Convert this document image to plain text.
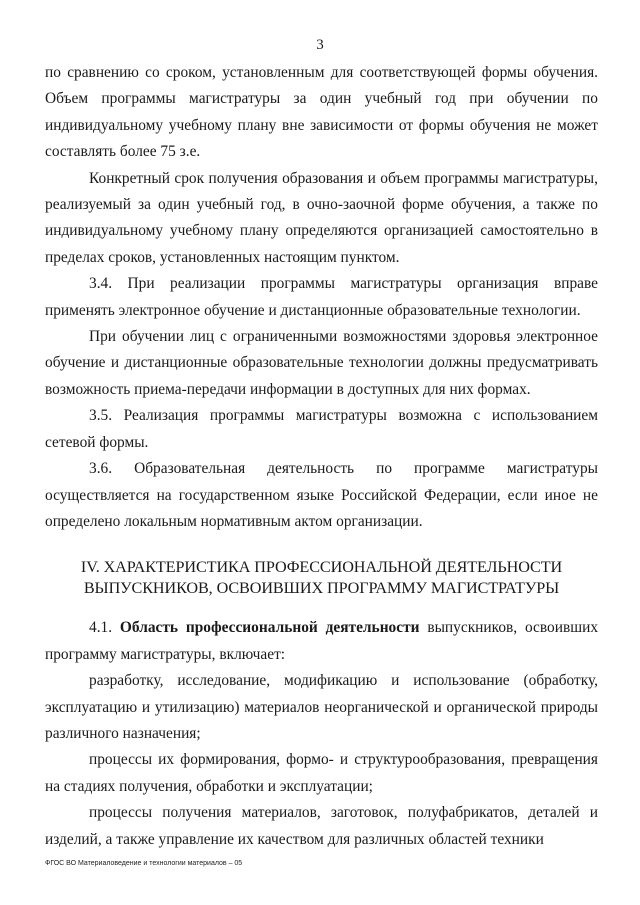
3

по сравнению со сроком, установленным для соответствующей формы обучения. Объем программы магистратуры за один учебный год при обучении по индивидуальному учебному плану вне зависимости от формы обучения не может составлять более 75 з.е.

Конкретный срок получения образования и объем программы магистратуры, реализуемый за один учебный год, в очно-заочной форме обучения, а также по индивидуальному учебному плану определяются организацией самостоятельно в пределах сроков, установленных настоящим пунктом.

3.4. При реализации программы магистратуры организация вправе применять электронное обучение и дистанционные образовательные технологии.

При обучении лиц с ограниченными возможностями здоровья электронное обучение и дистанционные образовательные технологии должны предусматривать возможность приема-передачи информации в доступных для них формах.

3.5. Реализация программы магистратуры возможна с использованием сетевой формы.

3.6. Образовательная деятельность по программе магистратуры осуществляется на государственном языке Российской Федерации, если иное не определено локальным нормативным актом организации.

IV. ХАРАКТЕРИСТИКА ПРОФЕССИОНАЛЬНОЙ ДЕЯТЕЛЬНОСТИ
ВЫПУСКНИКОВ, ОСВОИВШИХ ПРОГРАММУ МАГИСТРАТУРЫ

4.1. Область профессиональной деятельности выпускников, освоивших программу магистратуры, включает:

разработку, исследование, модификацию и использование (обработку, эксплуатацию и утилизацию) материалов неорганической и органической природы различного назначения;

процессы их формирования, формо- и структурообразования, превращения на стадиях получения, обработки и эксплуатации;

процессы получения материалов, заготовок, полуфабрикатов, деталей и изделий, а также управление их качеством для различных областей техники

ФГОС ВО Материаловедение и технологии материалов – 05
